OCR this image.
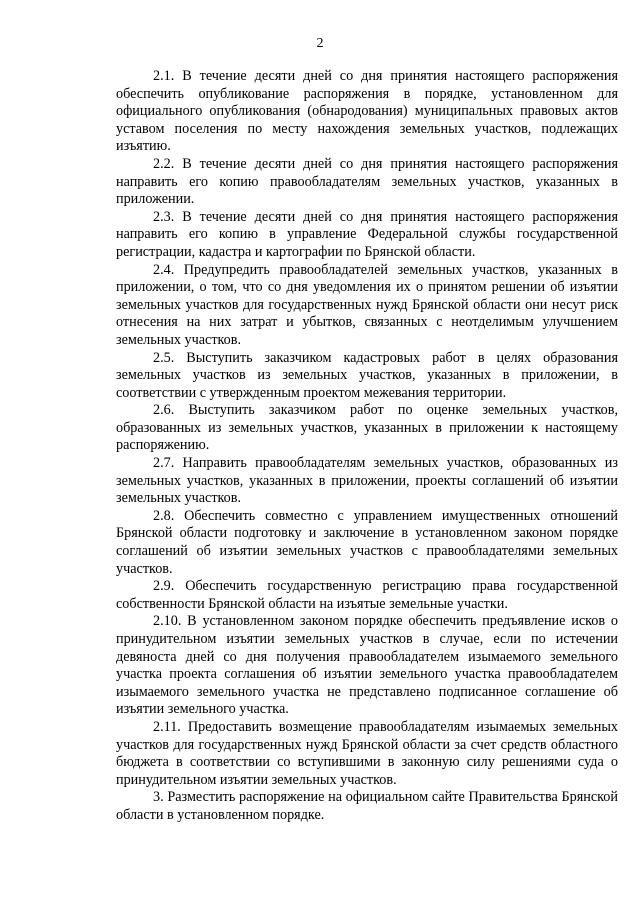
2

2.1. В течение десяти дней со дня принятия настоящего распоряжения обеспечить опубликование распоряжения в порядке, установленном для официального опубликования (обнародования) муниципальных правовых актов уставом поселения по месту нахождения земельных участков, подлежащих изъятию.

2.2. В течение десяти дней со дня принятия настоящего распоряжения направить его копию правообладателям земельных участков, указанных в приложении.

2.3. В течение десяти дней со дня принятия настоящего распоряжения направить его копию в управление Федеральной службы государственной регистрации, кадастра и картографии по Брянской области.

2.4. Предупредить правообладателей земельных участков, указанных в приложении, о том, что со дня уведомления их о принятом решении об изъятии земельных участков для государственных нужд Брянской области они несут риск отнесения на них затрат и убытков, связанных с неотделимым улучшением земельных участков.

2.5. Выступить заказчиком кадастровых работ в целях образования земельных участков из земельных участков, указанных в приложении, в соответствии с утвержденным проектом межевания территории.

2.6. Выступить заказчиком работ по оценке земельных участков, образованных из земельных участков, указанных в приложении к настоящему распоряжению.

2.7. Направить правообладателям земельных участков, образованных из земельных участков, указанных в приложении, проекты соглашений об изъятии земельных участков.

2.8. Обеспечить совместно с управлением имущественных отношений Брянской области подготовку и заключение в установленном законом порядке соглашений об изъятии земельных участков с правообладателями земельных участков.

2.9. Обеспечить государственную регистрацию права государственной собственности Брянской области на изъятые земельные участки.

2.10. В установленном законом порядке обеспечить предъявление исков о принудительном изъятии земельных участков в случае, если по истечении девяноста дней со дня получения правообладателем изымаемого земельного участка проекта соглашения об изъятии земельного участка правообладателем изымаемого земельного участка не представлено подписанное соглашение об изъятии земельного участка.

2.11. Предоставить возмещение правообладателям изымаемых земельных участков для государственных нужд Брянской области за счет средств областного бюджета в соответствии со вступившими в законную силу решениями суда о принудительном изъятии земельных участков.

3. Разместить распоряжение на официальном сайте Правительства Брянской области в установленном порядке.
